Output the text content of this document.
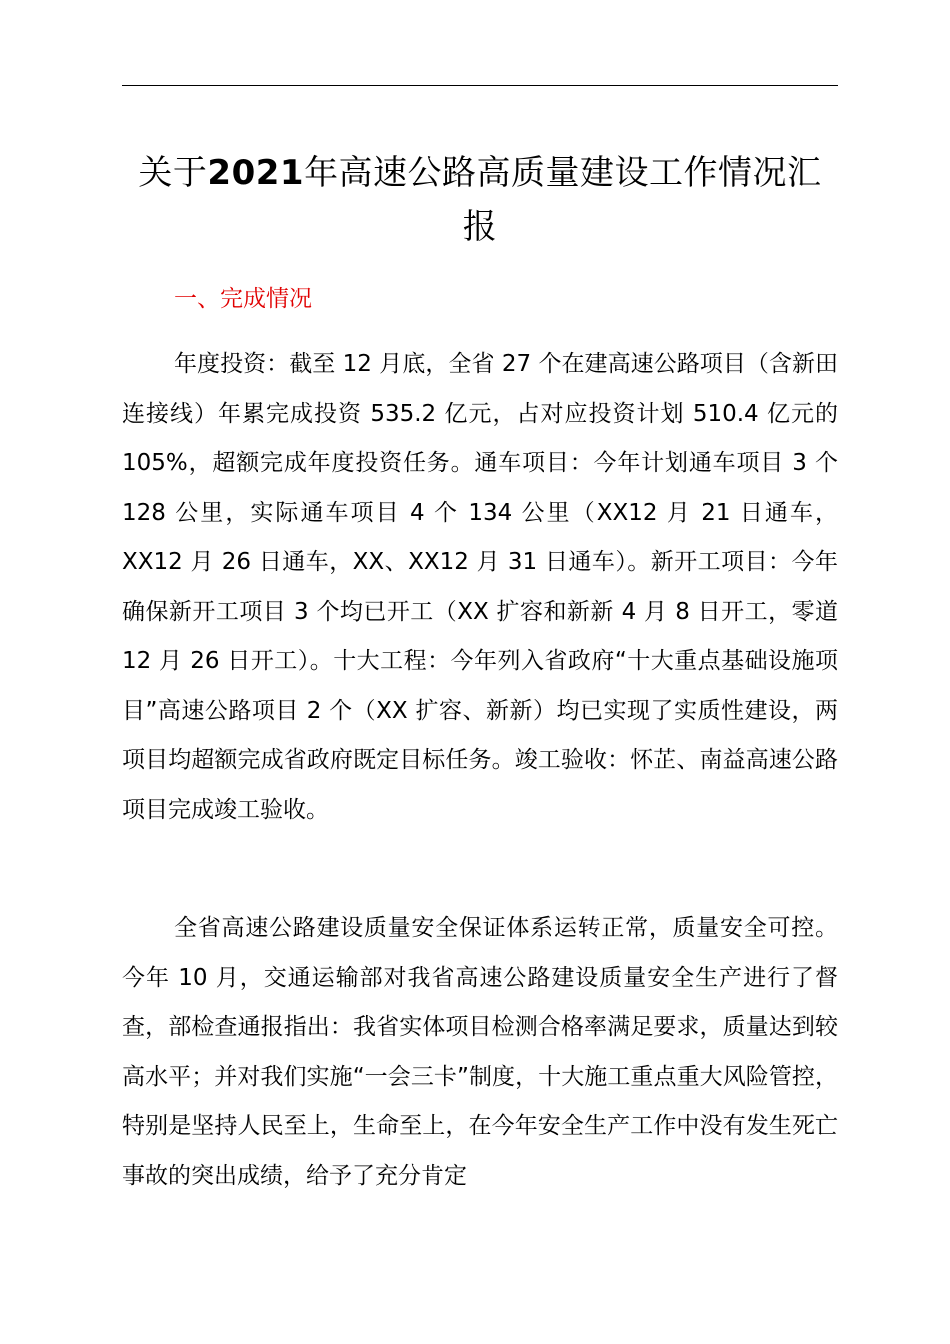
关于2021年高速公路高质量建设工作情况汇报
一、完成情况

年度投资：截至 12 月底，全省 27 个在建高速公路项目（含新田连接线）年累完成投资 535.2 亿元，占对应投资计划 510.4 亿元的 105%，超额完成年度投资任务。通车项目：今年计划通车项目 3 个 128 公里，实际通车项目 4 个 134 公里（XX12 月 21 日通车，XX12 月 26 日通车，XX、XX12 月 31 日通车）。新开工项目：今年确保新开工项目 3 个均已开工（XX 扩容和新新 4 月 8 日开工，零道 12 月 26 日开工）。十大工程：今年列入省政府“十大重点基础设施项目”高速公路项目 2 个（XX 扩容、新新）均已实现了实质性建设，两项目均超额完成省政府既定目标任务。竣工验收：怀芷、南益高速公路项目完成竣工验收。

全省高速公路建设质量安全保证体系运转正常，质量安全可控。今年 10 月，交通运输部对我省高速公路建设质量安全生产进行了督查，部检查通报指出：我省实体项目检测合格率满足要求，质量达到较高水平；并对我们实施“一会三卡”制度，十大施工重点重大风险管控，特别是坚持人民至上，生命至上，在今年安全生产工作中没有发生死亡事故的突出成绩，给予了充分肯定
